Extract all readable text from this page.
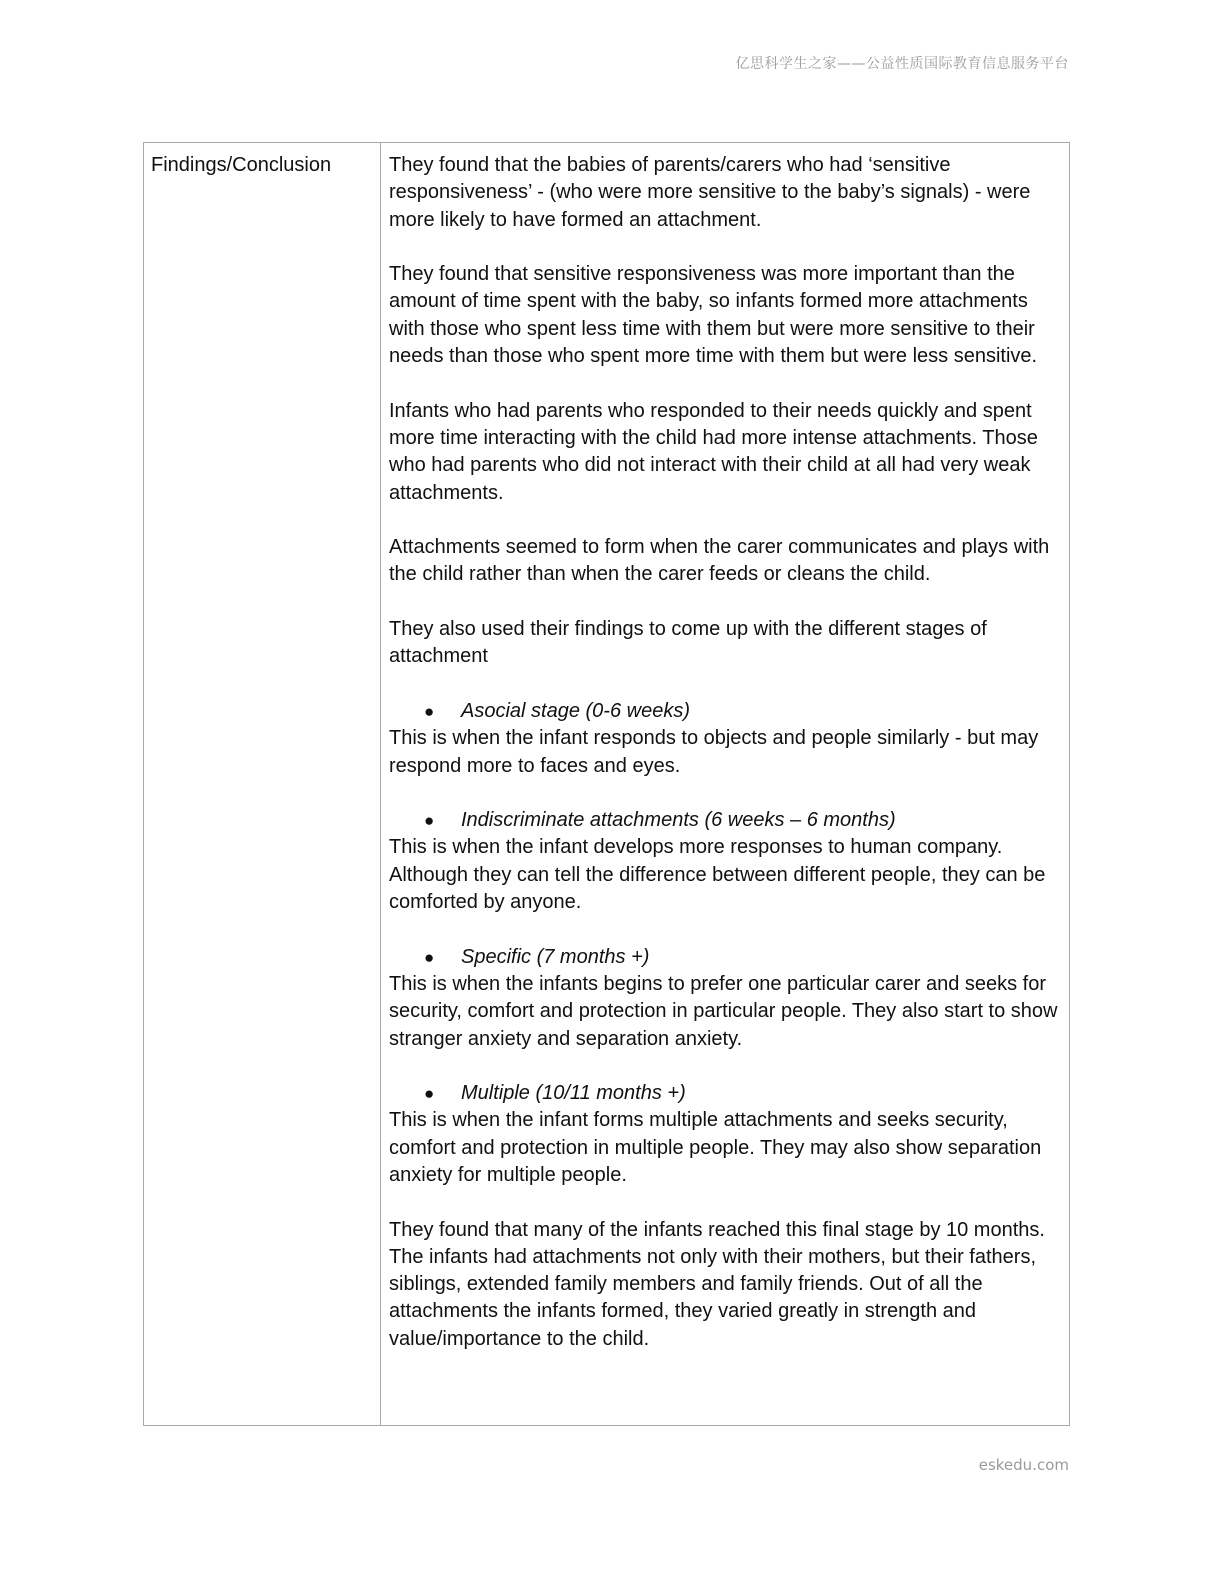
亿思科学生之家——公益性质国际教育信息服务平台
Findings/Conclusion	They found that the babies of parents/carers who had ‘sensitive responsiveness’ - (who were more sensitive to the baby’s signals) - were more likely to have formed an attachment.

They found that sensitive responsiveness was more important than the amount of time spent with the baby, so infants formed more attachments with those who spent less time with them but were more sensitive to their needs than those who spent more time with them but were less sensitive.

Infants who had parents who responded to their needs quickly and spent more time interacting with the child had more intense attachments. Those who had parents who did not interact with their child at all had very weak attachments.

Attachments seemed to form when the carer communicates and plays with the child rather than when the carer feeds or cleans the child.

They also used their findings to come up with the different stages of attachment

● Asocial stage (0-6 weeks)

This is when the infant responds to objects and people similarly - but may respond more to faces and eyes.

● Indiscriminate attachments (6 weeks – 6 months)

This is when the infant develops more responses to human company. Although they can tell the difference between different people, they can be comforted by anyone.

● Specific (7 months +)

This is when the infants begins to prefer one particular carer and seeks for security, comfort and protection in particular people. They also start to show stranger anxiety and separation anxiety.

● Multiple (10/11 months +)

This is when the infant forms multiple attachments and seeks security, comfort and protection in multiple people. They may also show separation anxiety for multiple people.

They found that many of the infants reached this final stage by 10 months. The infants had attachments not only with their mothers, but their fathers, siblings, extended family members and family friends. Out of all the attachments the infants formed, they varied greatly in strength and value/importance to the child.

eskedu.com
